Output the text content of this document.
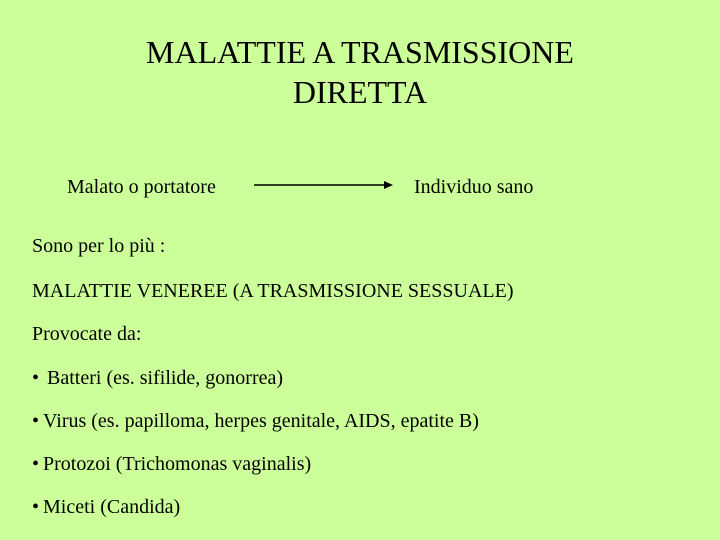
MALATTIE A TRASMISSIONE
DIRETTA
Malato o portatore	Individuo sano
Sono per lo più :
MALATTIE VENEREE (A TRASMISSIONE SESSUALE)
Provocate da:
• Batteri (es. sifilide, gonorrea)
• Virus (es. papilloma, herpes genitale, AIDS, epatite B)
• Protozoi (Trichomonas vaginalis)
• Miceti (Candida)
